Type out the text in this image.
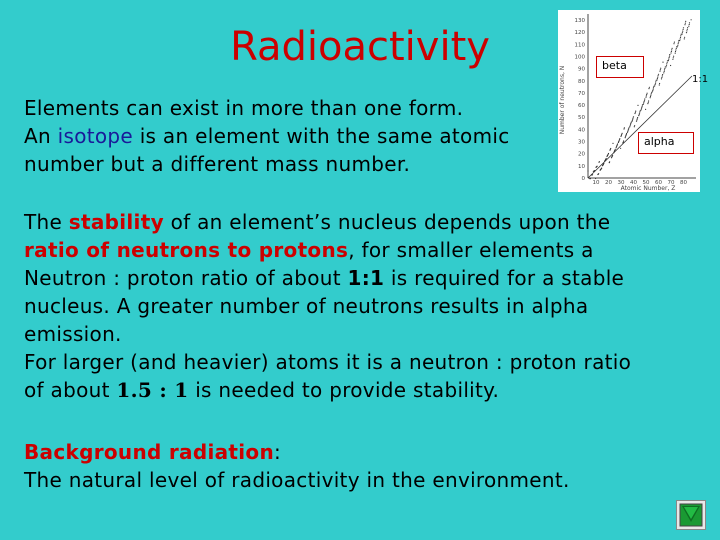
Radioactivity
Elements can exist in more than one form.
An isotope is an element with the same atomic
number but a different mass number.
Number of neutrons, N
Atomic Number, Z
130
120
110
100
90
80
70
60
50
40
30
20
10
0
10 20 30 40 50 60 70 80
beta
alpha
1:1
The stability of an element’s nucleus depends upon the
ratio of neutrons to protons, for smaller elements a
Neutron : proton ratio of about 1:1 is required for a stable
nucleus. A greater number of neutrons results in alpha
emission.
For larger (and heavier) atoms it is a neutron : proton ratio
of about 1.5 : 1 is needed to provide stability.
Background radiation:
The natural level of radioactivity in the environment.
